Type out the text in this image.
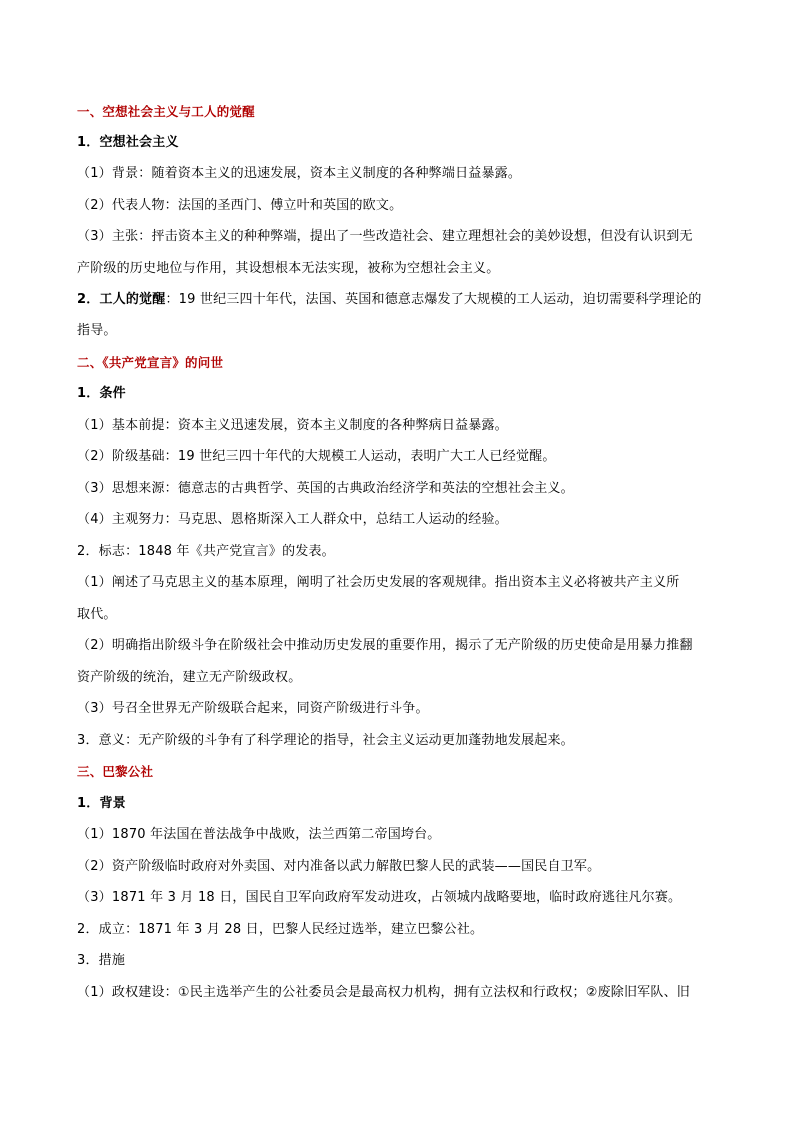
一、空想社会主义与工人的觉醒
1．空想社会主义
（1）背景：随着资本主义的迅速发展，资本主义制度的各种弊端日益暴露。
（2）代表人物：法国的圣西门、傅立叶和英国的欧文。
（3）主张：抨击资本主义的种种弊端，提出了一些改造社会、建立理想社会的美妙设想，但没有认识到无
产阶级的历史地位与作用，其设想根本无法实现，被称为空想社会主义。
2．工人的觉醒：19 世纪三四十年代，法国、英国和德意志爆发了大规模的工人运动，迫切需要科学理论的
指导。
二、《共产党宣言》的问世
1．条件
（1）基本前提：资本主义迅速发展，资本主义制度的各种弊病日益暴露。
（2）阶级基础：19 世纪三四十年代的大规模工人运动，表明广大工人已经觉醒。
（3）思想来源：德意志的古典哲学、英国的古典政治经济学和英法的空想社会主义。
（4）主观努力：马克思、恩格斯深入工人群众中，总结工人运动的经验。
2．标志：1848 年《共产党宣言》的发表。
（1）阐述了马克思主义的基本原理，阐明了社会历史发展的客观规律。指出资本主义必将被共产主义所
取代。
（2）明确指出阶级斗争在阶级社会中推动历史发展的重要作用，揭示了无产阶级的历史使命是用暴力推翻
资产阶级的统治，建立无产阶级政权。
（3）号召全世界无产阶级联合起来，同资产阶级进行斗争。
3．意义：无产阶级的斗争有了科学理论的指导，社会主义运动更加蓬勃地发展起来。
三、巴黎公社
1．背景
（1）1870 年法国在普法战争中战败，法兰西第二帝国垮台。
（2）资产阶级临时政府对外卖国、对内准备以武力解散巴黎人民的武装——国民自卫军。
（3）1871 年 3 月 18 日，国民自卫军向政府军发动进攻，占领城内战略要地，临时政府逃往凡尔赛。
2．成立：1871 年 3 月 28 日，巴黎人民经过选举，建立巴黎公社。
3．措施
（1）政权建设：①民主选举产生的公社委员会是最高权力机构，拥有立法权和行政权；②废除旧军队、旧
